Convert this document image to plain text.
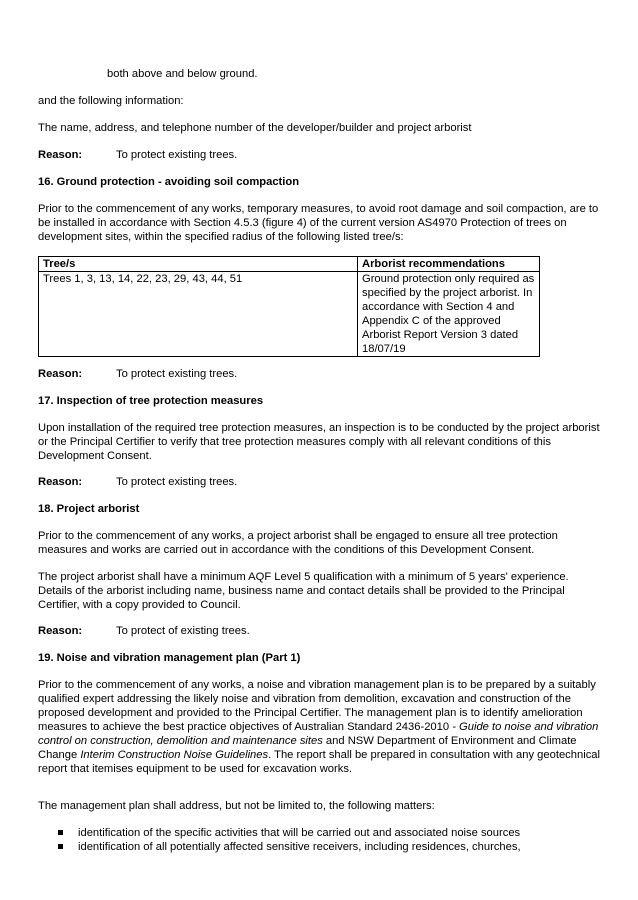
both above and below ground.

and the following information:

The name, address, and telephone number of the developer/builder and project arborist

Reason:	To protect existing trees.

16. Ground protection - avoiding soil compaction

Prior to the commencement of any works, temporary measures, to avoid root damage and soil compaction, are to be installed in accordance with Section 4.5.3 (figure 4) of the current version AS4970 Protection of trees on development sites, within the specified radius of the following listed tree/s:

Tree/s	Arborist recommendations
Trees 1, 3, 13, 14, 22, 23, 29, 43, 44, 51	Ground protection only required as specified by the project arborist. In accordance with Section 4 and Appendix C of the approved Arborist Report Version 3 dated 18/07/19
Reason:	To protect existing trees.

17. Inspection of tree protection measures

Upon installation of the required tree protection measures, an inspection is to be conducted by the project arborist or the Principal Certifier to verify that tree protection measures comply with all relevant conditions of this Development Consent.

Reason:	To protect existing trees.

18. Project arborist

Prior to the commencement of any works, a project arborist shall be engaged to ensure all tree protection measures and works are carried out in accordance with the conditions of this Development Consent.

The project arborist shall have a minimum AQF Level 5 qualification with a minimum of 5 years' experience. Details of the arborist including name, business name and contact details shall be provided to the Principal Certifier, with a copy provided to Council.

Reason:	To protect of existing trees.

19. Noise and vibration management plan (Part 1)

Prior to the commencement of any works, a noise and vibration management plan is to be prepared by a suitably qualified expert addressing the likely noise and vibration from demolition, excavation and construction of the proposed development and provided to the Principal Certifier. The management plan is to identify amelioration measures to achieve the best practice objectives of Australian Standard 2436-2010 - Guide to noise and vibration control on construction, demolition and maintenance sites and NSW Department of Environment and Climate Change Interim Construction Noise Guidelines. The report shall be prepared in consultation with any geotechnical report that itemises equipment to be used for excavation works.

The management plan shall address, but not be limited to, the following matters:

identification of the specific activities that will be carried out and associated noise sources
identification of all potentially affected sensitive receivers, including residences, churches,
